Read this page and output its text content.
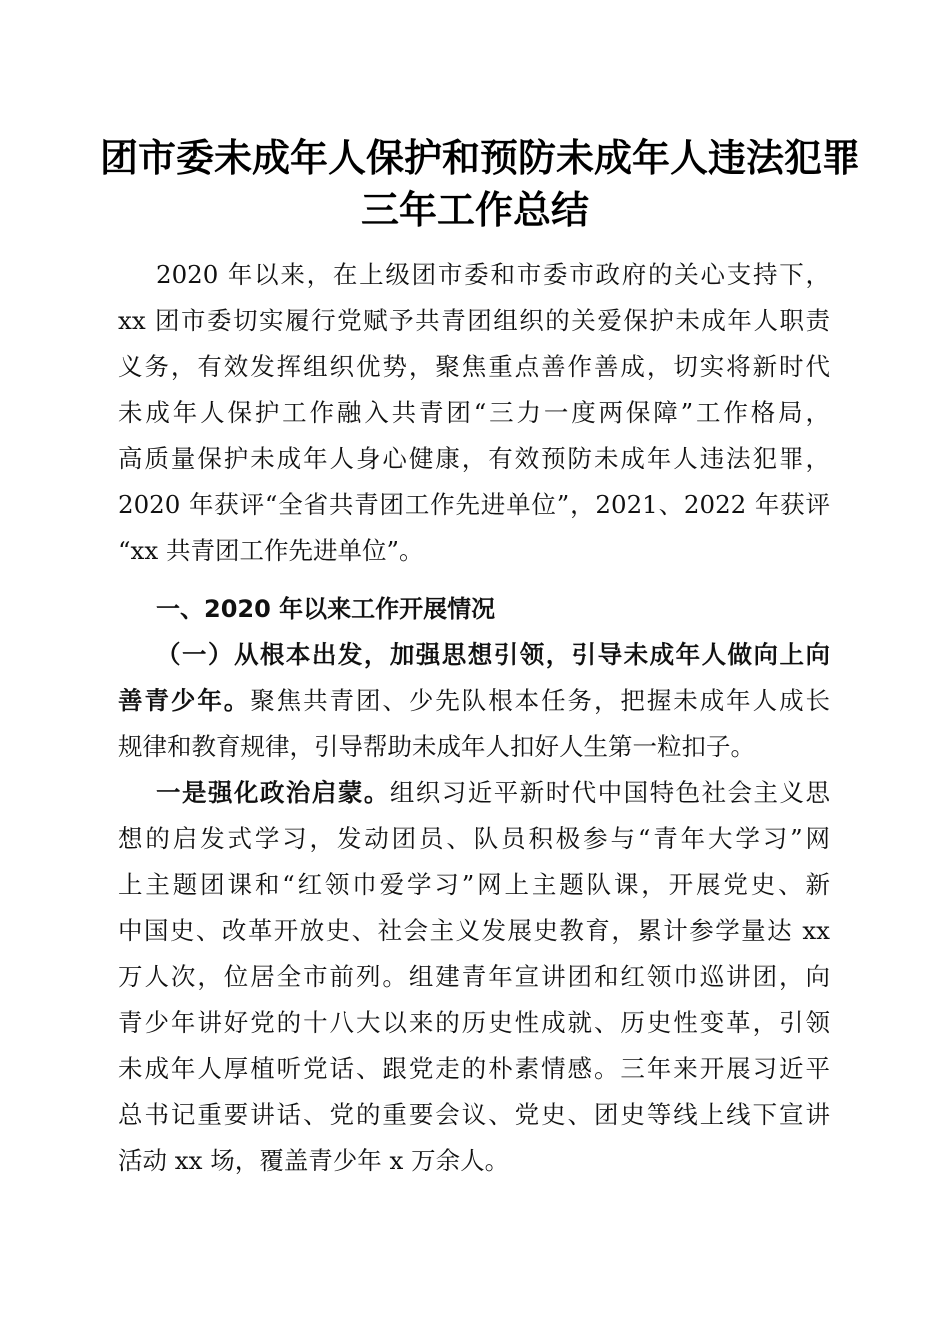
团市委未成年人保护和预防未成年人违法犯罪
三年工作总结
2020 年以来，在上级团市委和市委市政府的关心支持下，
xx 团市委切实履行党赋予共青团组织的关爱保护未成年人职责
义务，有效发挥组织优势，聚焦重点善作善成，切实将新时代
未成年人保护工作融入共青团“三力一度两保障”工作格局，
高质量保护未成年人身心健康，有效预防未成年人违法犯罪，
2020 年获评“全省共青团工作先进单位”，2021、2022 年获评
“xx 共青团工作先进单位”。
一、2020 年以来工作开展情况
（一）从根本出发，加强思想引领，引导未成年人做向上向
善青少年。聚焦共青团、少先队根本任务，把握未成年人成长
规律和教育规律，引导帮助未成年人扣好人生第一粒扣子。
一是强化政治启蒙。组织习近平新时代中国特色社会主义思
想的启发式学习，发动团员、队员积极参与“青年大学习”网
上主题团课和“红领巾爱学习”网上主题队课，开展党史、新
中国史、改革开放史、社会主义发展史教育，累计参学量达 xx
万人次，位居全市前列。组建青年宣讲团和红领巾巡讲团，向
青少年讲好党的十八大以来的历史性成就、历史性变革，引领
未成年人厚植听党话、跟党走的朴素情感。三年来开展习近平
总书记重要讲话、党的重要会议、党史、团史等线上线下宣讲
活动 xx 场，覆盖青少年 x 万余人。
